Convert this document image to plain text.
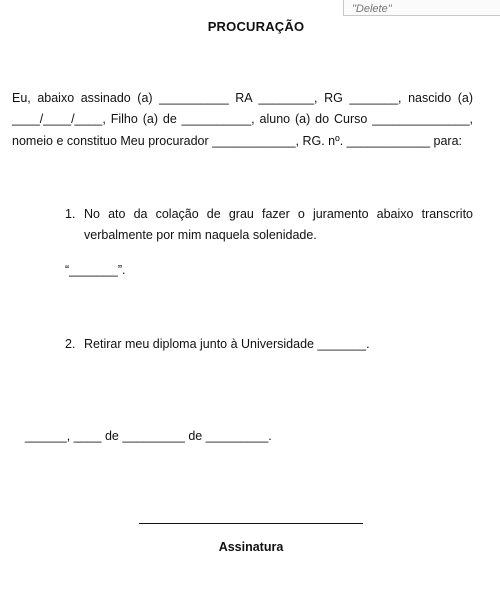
"Delete"
PROCURAÇÃO
Eu, abaixo assinado (a) __________ RA ________, RG _______, nascido (a)
____/____/____, Filho (a) de __________, aluno (a) do Curso ______________,
nomeio e constituo Meu procurador ____________, RG. nº. ____________ para:
1. No ato da colação de grau fazer o juramento abaixo transcrito
verbalmente por mim naquela solenidade.
“_______”.
2. Retirar meu diploma junto à Universidade _______.
______, ____ de _________ de _________.
Assinatura
